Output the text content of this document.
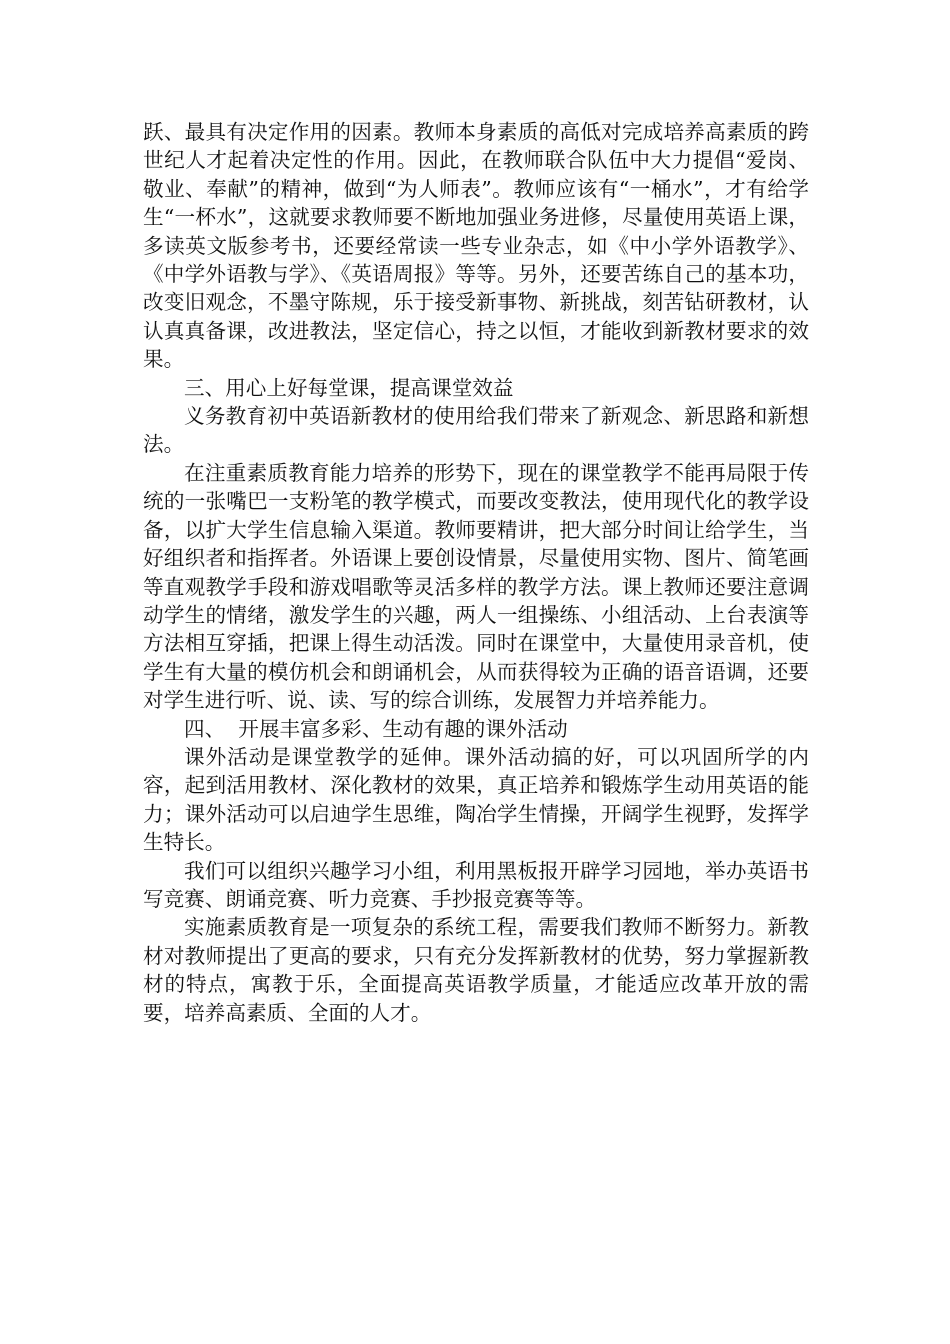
跃、最具有决定作用的因素。教师本身素质的高低对完成培养高素质的跨世纪人才起着决定性的作用。因此，在教师联合队伍中大力提倡“爱岗、敬业、奉献”的精神，做到“为人师表”。教师应该有“一桶水”，才有给学生“一杯水”，这就要求教师要不断地加强业务进修，尽量使用英语上课，多读英文版参考书，还要经常读一些专业杂志，如《中小学外语教学》、《中学外语教与学》、《英语周报》等等。另外，还要苦练自己的基本功，改变旧观念，不墨守陈规，乐于接受新事物、新挑战，刻苦钻研教材，认认真真备课，改进教法，坚定信心，持之以恒，才能收到新教材要求的效果。

三、用心上好每堂课，提高课堂效益

义务教育初中英语新教材的使用给我们带来了新观念、新思路和新想法。

在注重素质教育能力培养的形势下，现在的课堂教学不能再局限于传统的一张嘴巴一支粉笔的教学模式，而要改变教法，使用现代化的教学设备，以扩大学生信息输入渠道。教师要精讲，把大部分时间让给学生，当好组织者和指挥者。外语课上要创设情景，尽量使用实物、图片、简笔画等直观教学手段和游戏唱歌等灵活多样的教学方法。课上教师还要注意调动学生的情绪，激发学生的兴趣，两人一组操练、小组活动、上台表演等方法相互穿插，把课上得生动活泼。同时在课堂中，大量使用录音机，使学生有大量的模仿机会和朗诵机会，从而获得较为正确的语音语调，还要对学生进行听、说、读、写的综合训练，发展智力并培养能力。

四、  开展丰富多彩、生动有趣的课外活动

课外活动是课堂教学的延伸。课外活动搞的好，可以巩固所学的内容，起到活用教材、深化教材的效果，真正培养和锻炼学生动用英语的能力；课外活动可以启迪学生思维，陶冶学生情操，开阔学生视野，发挥学生特长。

我们可以组织兴趣学习小组，利用黑板报开辟学习园地，举办英语书写竞赛、朗诵竞赛、听力竞赛、手抄报竞赛等等。

实施素质教育是一项复杂的系统工程，需要我们教师不断努力。新教材对教师提出了更高的要求，只有充分发挥新教材的优势，努力掌握新教材的特点，寓教于乐，全面提高英语教学质量，才能适应改革开放的需要，培养高素质、全面的人才。
